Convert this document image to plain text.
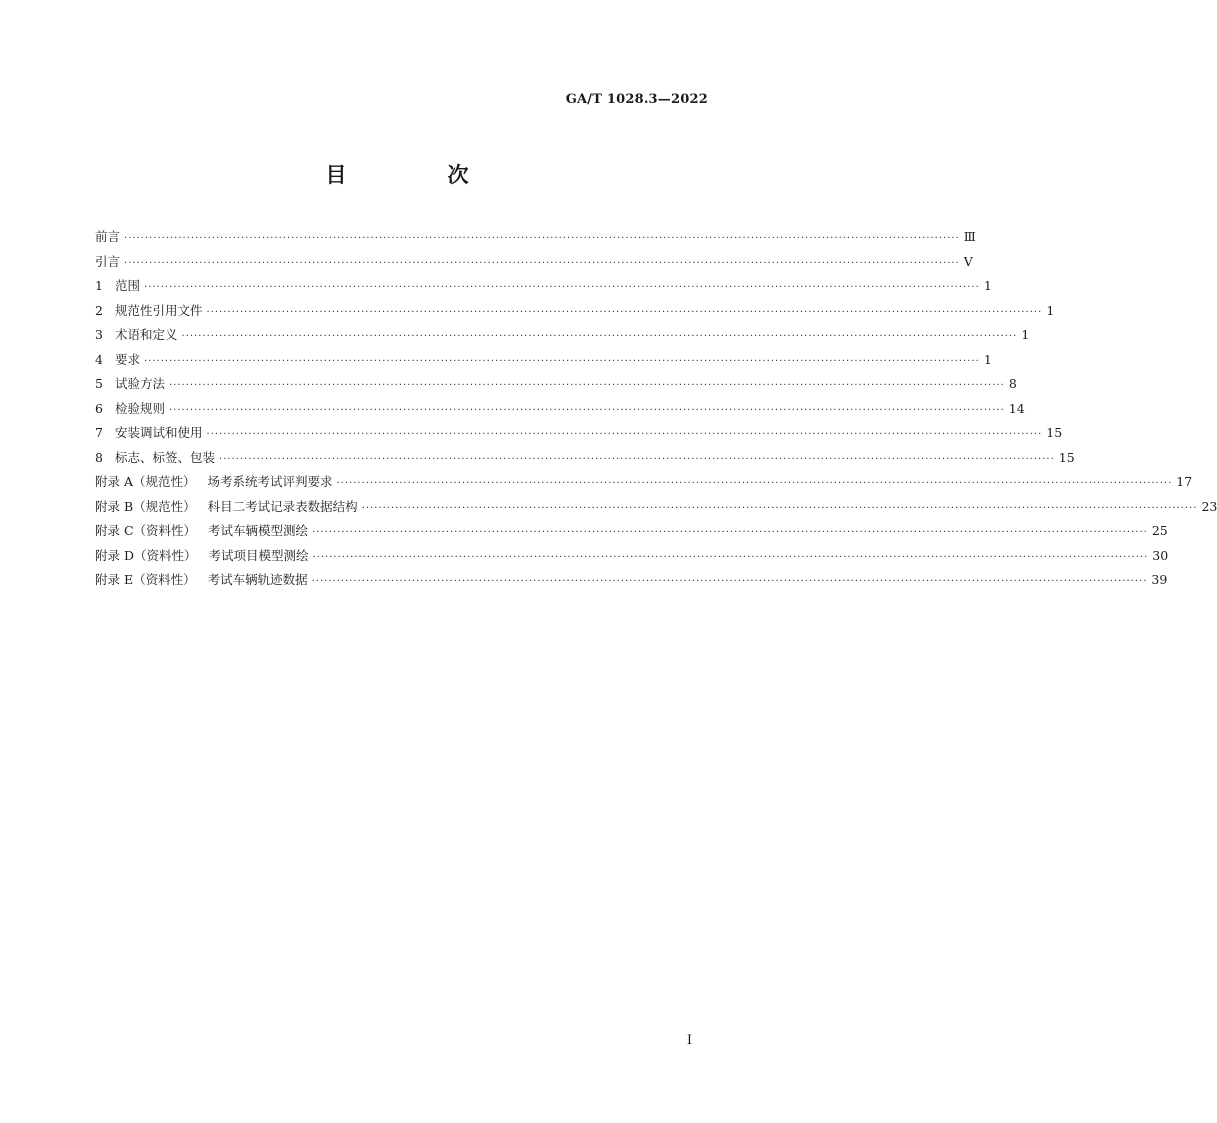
GA/T 1028.3—2022
目　次
前言 ········································································································································································································ Ⅲ
引言 ········································································································································································································ Ⅴ
1 范围 ········································································································································································································ 1
2 规范性引用文件 ········································································································································································································ 1
3 术语和定义 ········································································································································································································ 1
4 要求 ········································································································································································································ 1
5 试验方法 ········································································································································································································ 8
6 检验规则 ········································································································································································································ 14
7 安装调试和使用 ········································································································································································································ 15
8 标志、标签、包装 ········································································································································································································ 15
附录 A（规范性） 场考系统考试评判要求 ········································································································································································································ 17
附录 B（规范性） 科目二考试记录表数据结构 ········································································································································································································ 23
附录 C（资料性） 考试车辆模型测绘 ········································································································································································································ 25
附录 D（资料性） 考试项目模型测绘 ········································································································································································································ 30
附录 E（资料性） 考试车辆轨迹数据 ········································································································································································································ 39
I
